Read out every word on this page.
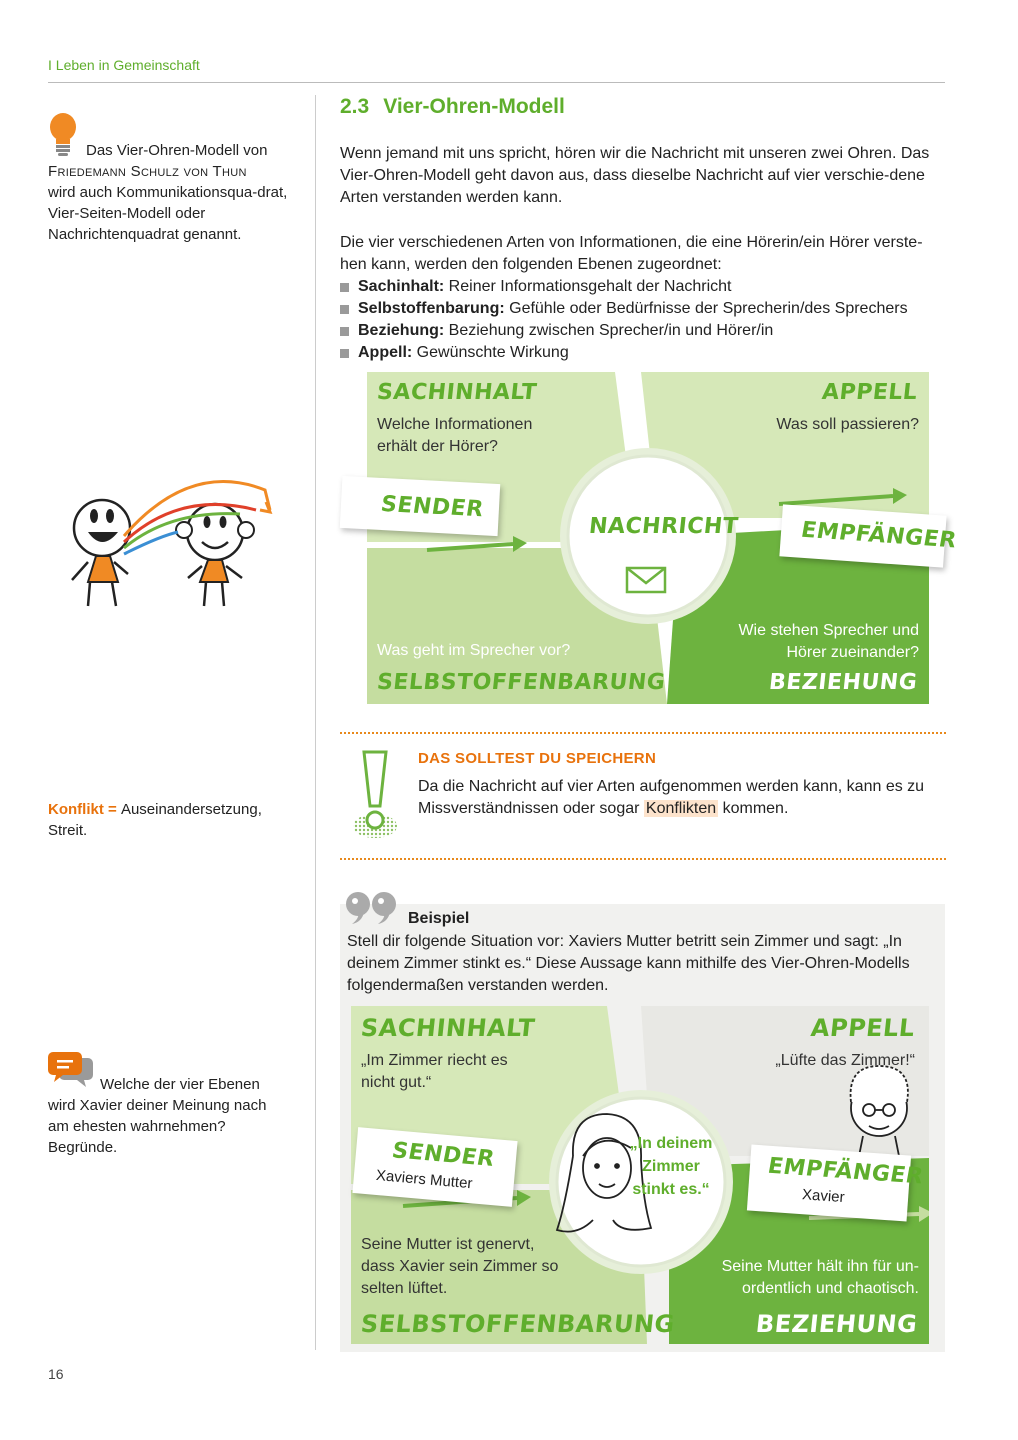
I Leben in Gemeinschaft
Das Vier-Ohren-Modell von
Friedemann Schulz von Thun
wird auch Kommunikationsqua-drat, Vier-Seiten-Modell oder Nachrichtenquadrat genannt.
Konflikt = Auseinandersetzung, Streit.
Welche der vier Ebenen wird Xavier deiner Meinung nach am ehesten wahrnehmen? Begründe.
2.3 Vier-Ohren-Modell
Wenn jemand mit uns spricht, hören wir die Nachricht mit unseren zwei Ohren. Das Vier-Ohren-Modell geht davon aus, dass dieselbe Nachricht auf vier verschie-dene Arten verstanden werden kann.
Die vier verschiedenen Arten von Informationen, die eine Hörerin/ein Hörer verste-hen kann, werden den folgenden Ebenen zugeordnet:
Sachinhalt: Reiner Informationsgehalt der Nachricht
Selbstoffenbarung: Gefühle oder Bedürfnisse der Sprecherin/des Sprechers
Beziehung: Beziehung zwischen Sprecher/in und Hörer/in
Appell: Gewünschte Wirkung
SACHINHALT
Welche Informationen
erhält der Hörer?
APPELL
Was soll passieren?
SENDER
EMPFÄNGER
NACHRICHT
Was geht im Sprecher vor?
SELBSTOFFENBARUNG
Wie stehen Sprecher und
Hörer zueinander?
BEZIEHUNG
DAS SOLLTEST DU SPEICHERN
Da die Nachricht auf vier Arten aufgenommen werden kann, kann es zu Missverständnissen oder sogar Konflikten kommen.
Beispiel
Stell dir folgende Situation vor: Xaviers Mutter betritt sein Zimmer und sagt: „In deinem Zimmer stinkt es.“ Diese Aussage kann mithilfe des Vier-Ohren-Modells folgendermaßen verstanden werden.
SACHINHALT
„Im Zimmer riecht es
nicht gut.“
APPELL
„Lüfte das Zimmer!“
SENDER
Xaviers Mutter	EMPFÄNGER
Xavier
„In deinem
Zimmer
stinkt es.“
Seine Mutter ist genervt,
dass Xavier sein Zimmer so
selten lüftet.
SELBSTOFFENBARUNG
Seine Mutter hält ihn für un-
ordentlich und chaotisch.
BEZIEHUNG
16
